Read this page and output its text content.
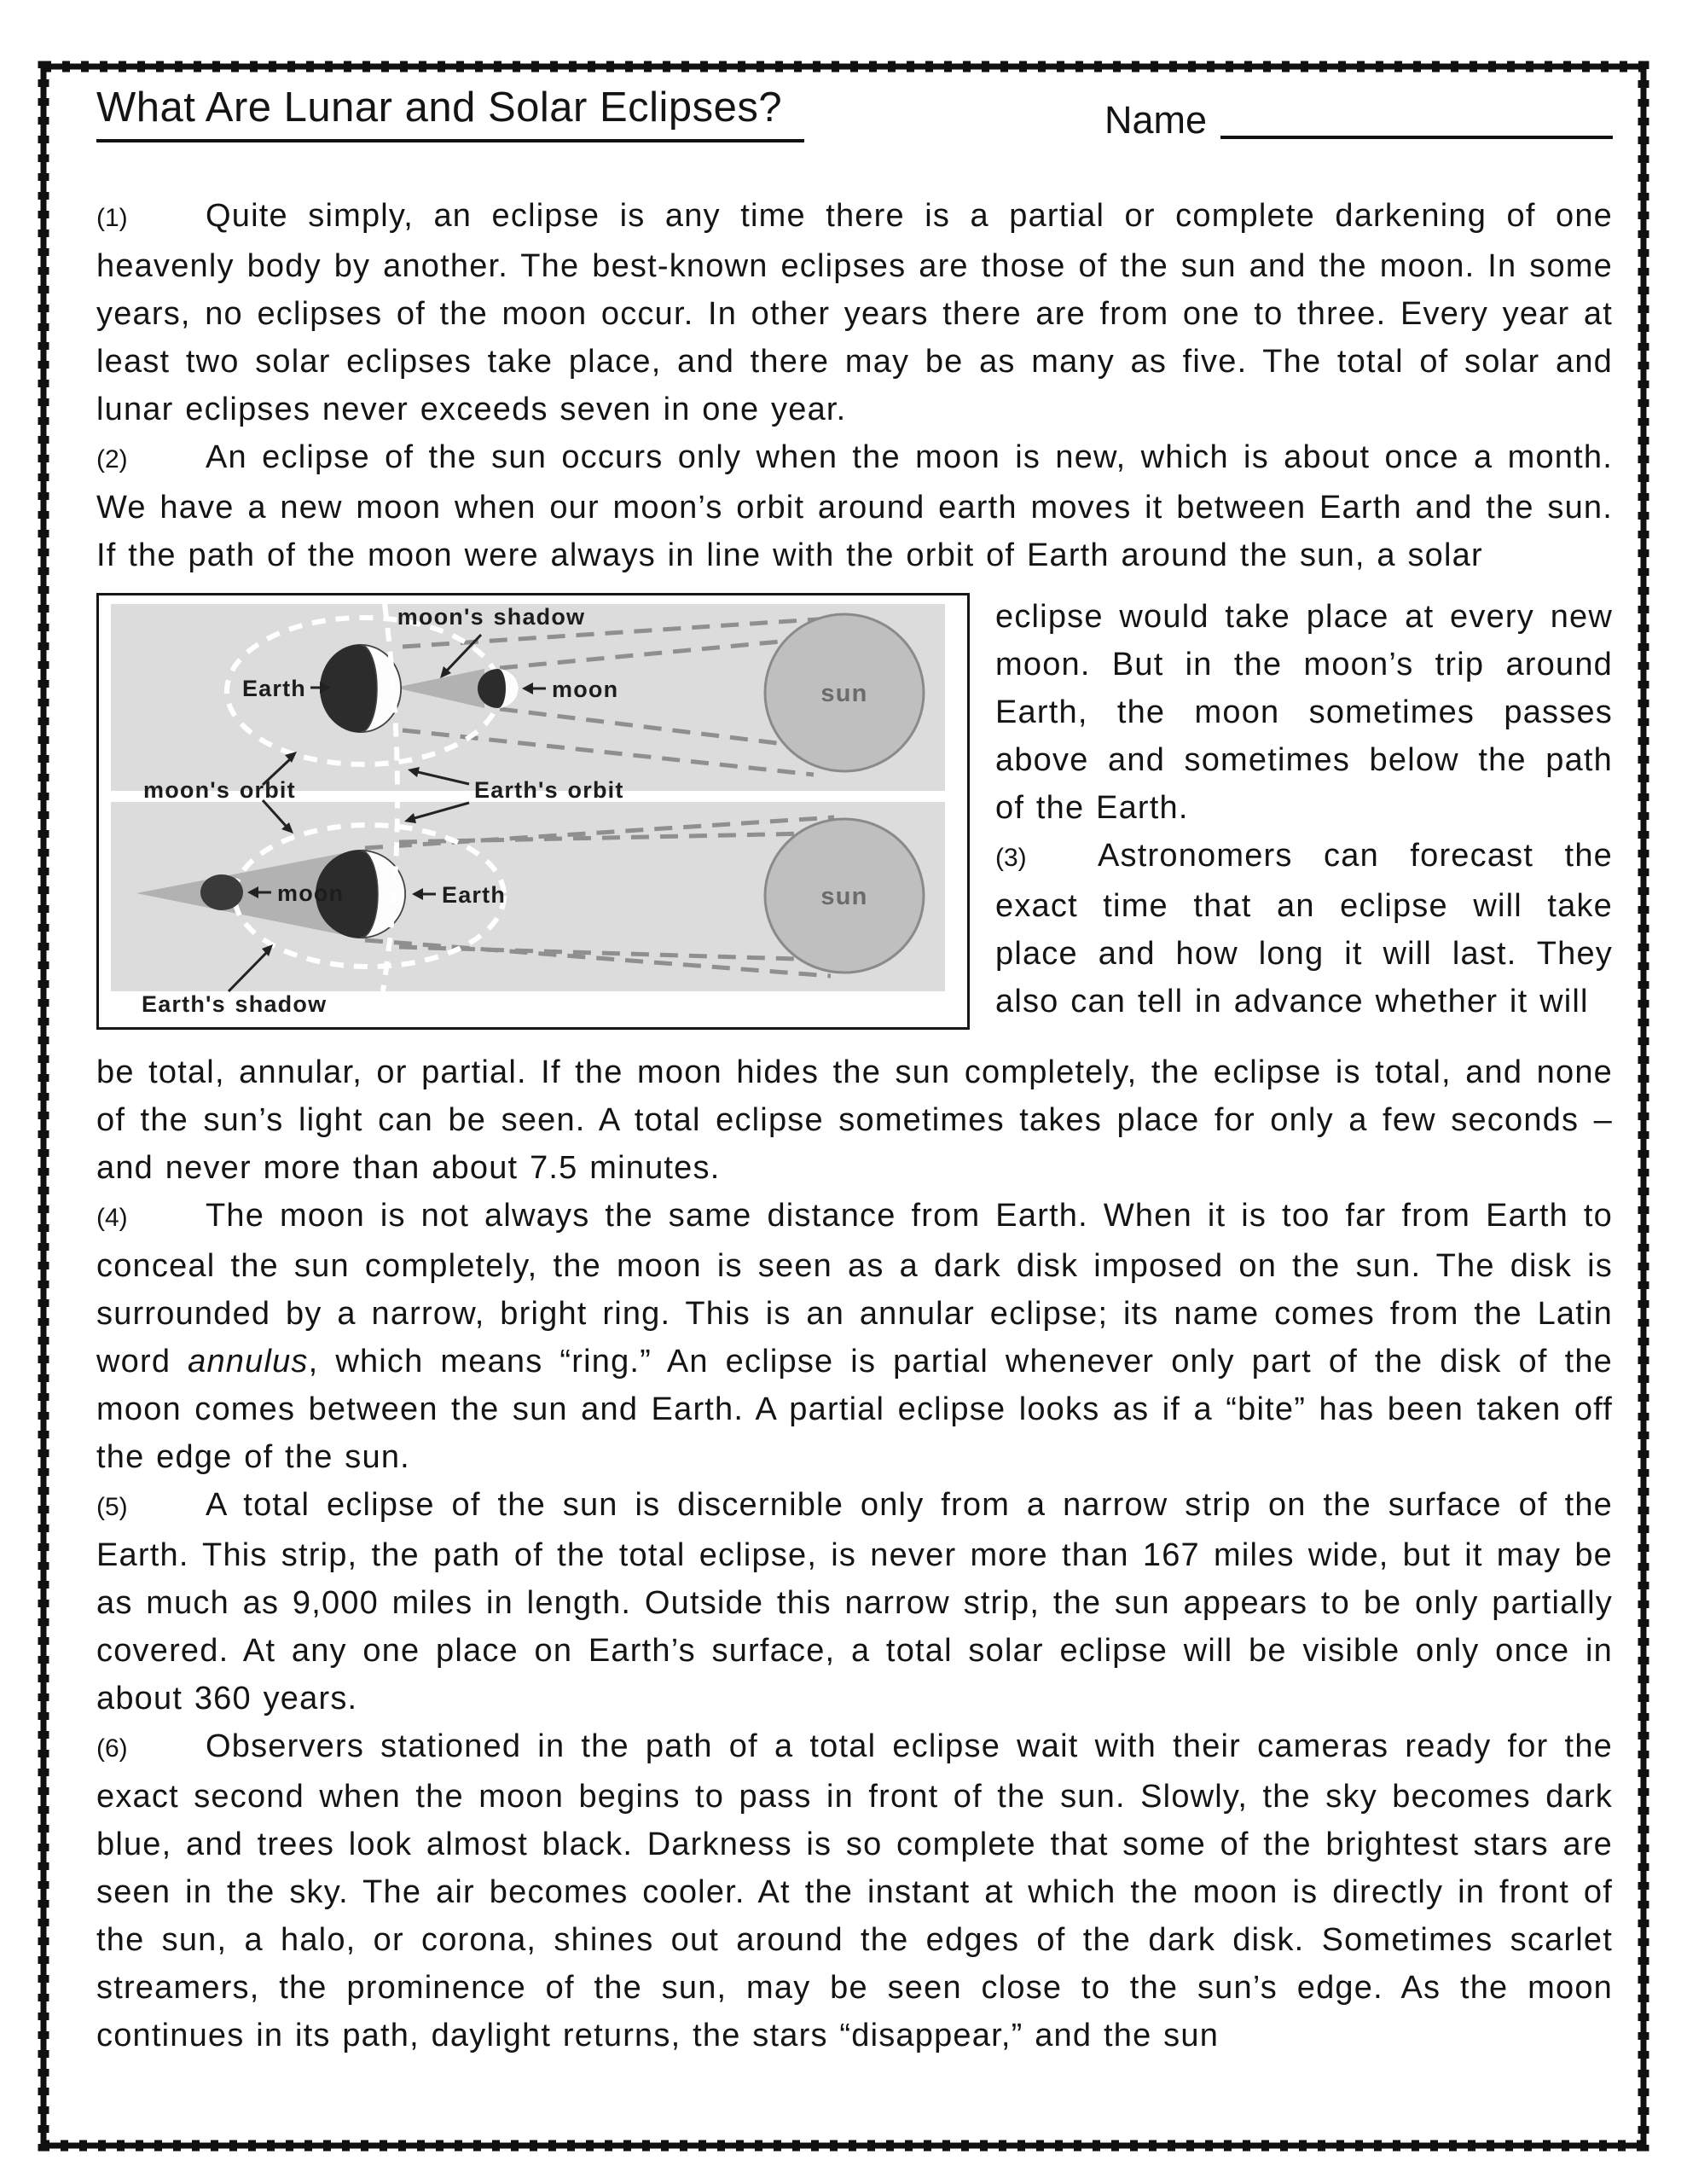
What Are Lunar and Solar Eclipses?	Name

(1) Quite simply, an eclipse is any time there is a partial or complete darkening of one heavenly body by another. The best-known eclipses are those of the sun and the moon. In some years, no eclipses of the moon occur. In other years there are from one to three. Every year at least two solar eclipses take place, and there may be as many as five. The total of solar and lunar eclipses never exceeds seven in one year.

(2) An eclipse of the sun occurs only when the moon is new, which is about once a month. We have a new moon when our moon’s orbit around earth moves it between Earth and the sun. If the path of the moon were always in line with the orbit of Earth around the sun, a solar

sun
sun
moon's shadow
Earth	moon
moon's orbit	Earth's orbit
moon	Earth
Earth's shadow

eclipse would take place at every new moon. But in the moon’s trip around Earth, the moon sometimes passes above and sometimes below the path of the Earth.

(3) Astronomers can forecast the exact time that an eclipse will take place and how long it will last. They also can tell in advance whether it will

be total, annular, or partial. If the moon hides the sun completely, the eclipse is total, and none of the sun’s light can be seen. A total eclipse sometimes takes place for only a few seconds – and never more than about 7.5 minutes.

(4) The moon is not always the same distance from Earth. When it is too far from Earth to conceal the sun completely, the moon is seen as a dark disk imposed on the sun. The disk is surrounded by a narrow, bright ring. This is an annular eclipse; its name comes from the Latin word annulus, which means “ring.” An eclipse is partial whenever only part of the disk of the moon comes between the sun and Earth. A partial eclipse looks as if a “bite” has been taken off the edge of the sun.

(5) A total eclipse of the sun is discernible only from a narrow strip on the surface of the Earth. This strip, the path of the total eclipse, is never more than 167 miles wide, but it may be as much as 9,000 miles in length. Outside this narrow strip, the sun appears to be only partially covered. At any one place on Earth’s surface, a total solar eclipse will be visible only once in about 360 years.

(6) Observers stationed in the path of a total eclipse wait with their cameras ready for the exact second when the moon begins to pass in front of the sun. Slowly, the sky becomes dark blue, and trees look almost black. Darkness is so complete that some of the brightest stars are seen in the sky. The air becomes cooler. At the instant at which the moon is directly in front of the sun, a halo, or corona, shines out around the edges of the dark disk. Sometimes scarlet streamers, the prominence of the sun, may be seen close to the sun’s edge. As the moon continues in its path, daylight returns, the stars “disappear,” and the sun
